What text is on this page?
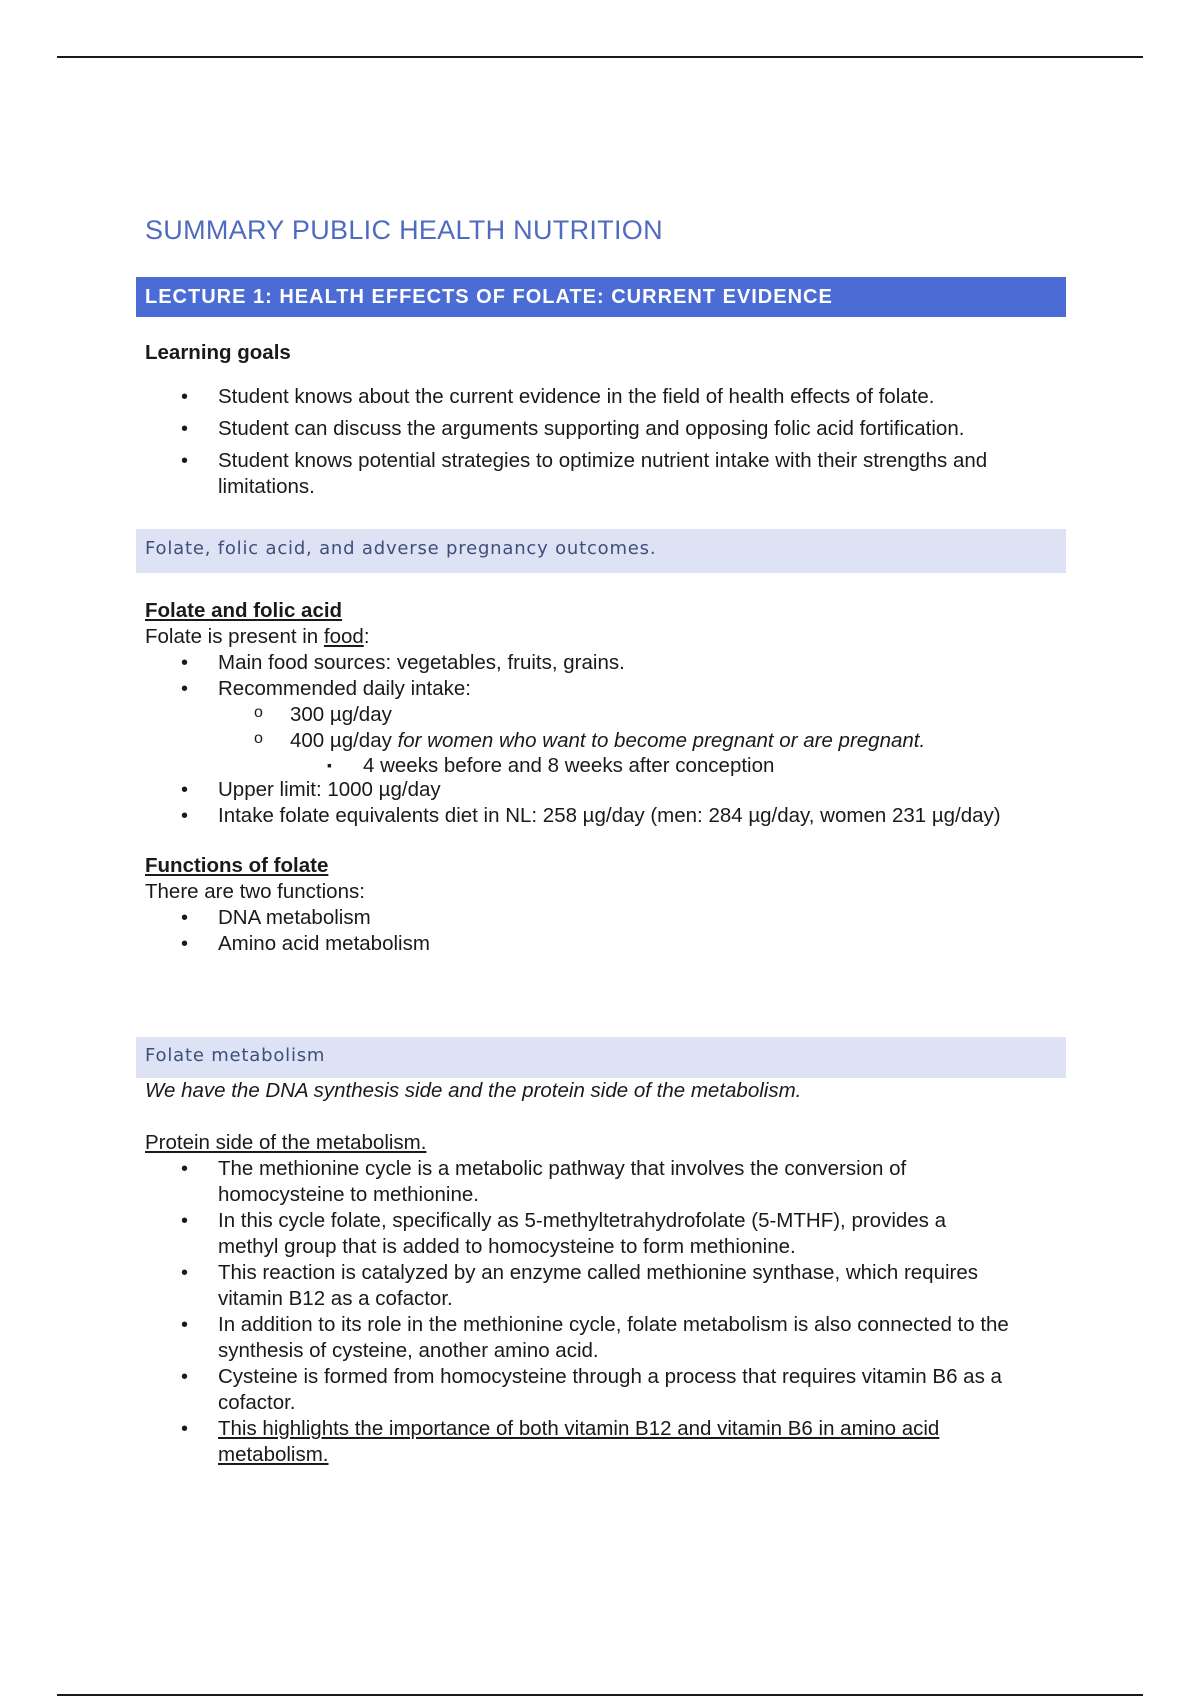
SUMMARY PUBLIC HEALTH NUTRITION
LECTURE 1: HEALTH EFFECTS OF FOLATE: CURRENT EVIDENCE
Learning goals
• Student knows about the current evidence in the field of health effects of folate.
• Student can discuss the arguments supporting and opposing folic acid fortification.
• Student knows potential strategies to optimize nutrient intake with their strengths and limitations.
Folate, folic acid, and adverse pregnancy outcomes.
Folate and folic acid
Folate is present in food:
• Main food sources: vegetables, fruits, grains.
• Recommended daily intake:
o 300 µg/day
o 400 µg/day for women who want to become pregnant or are pregnant.
▪ 4 weeks before and 8 weeks after conception
• Upper limit: 1000 µg/day
• Intake folate equivalents diet in NL: 258 µg/day (men: 284 µg/day, women 231 µg/day)
Functions of folate
There are two functions:
• DNA metabolism
• Amino acid metabolism
Folate metabolism
We have the DNA synthesis side and the protein side of the metabolism.
Protein side of the metabolism.
• The methionine cycle is a metabolic pathway that involves the conversion of homocysteine to methionine.
• In this cycle folate, specifically as 5-methyltetrahydrofolate (5-MTHF), provides a methyl group that is added to homocysteine to form methionine.
• This reaction is catalyzed by an enzyme called methionine synthase, which requires vitamin B12 as a cofactor.
• In addition to its role in the methionine cycle, folate metabolism is also connected to the synthesis of cysteine, another amino acid.
• Cysteine is formed from homocysteine through a process that requires vitamin B6 as a cofactor.
• This highlights the importance of both vitamin B12 and vitamin B6 in amino acid metabolism.
